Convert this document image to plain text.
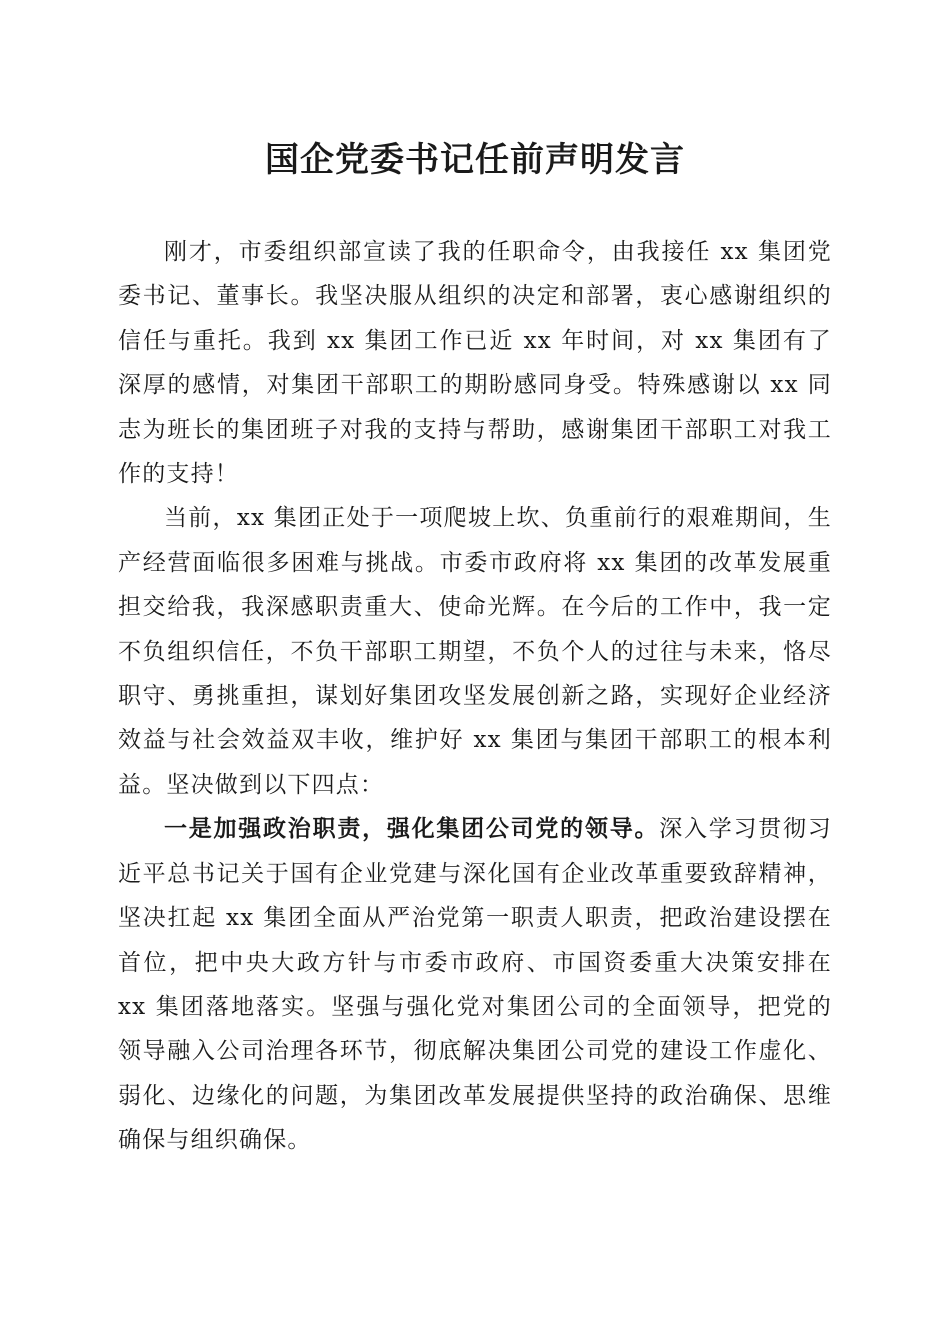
国企党委书记任前声明发言

刚才，市委组织部宣读了我的任职命令，由我接任 xx 集团党委书记、董事长。我坚决服从组织的决定和部署，衷心感谢组织的信任与重托。我到 xx 集团工作已近 xx 年时间，对 xx 集团有了深厚的感情，对集团干部职工的期盼感同身受。特殊感谢以 xx 同志为班长的集团班子对我的支持与帮助，感谢集团干部职工对我工作的支持！

当前，xx 集团正处于一项爬坡上坎、负重前行的艰难期间，生产经营面临很多困难与挑战。市委市政府将 xx 集团的改革发展重担交给我，我深感职责重大、使命光辉。在今后的工作中，我一定不负组织信任，不负干部职工期望，不负个人的过往与未来，恪尽职守、勇挑重担，谋划好集团攻坚发展创新之路，实现好企业经济效益与社会效益双丰收，维护好 xx 集团与集团干部职工的根本利益。坚决做到以下四点：

一是加强政治职责，强化集团公司党的领导。深入学习贯彻习近平总书记关于国有企业党建与深化国有企业改革重要致辞精神，坚决扛起 xx 集团全面从严治党第一职责人职责，把政治建设摆在首位，把中央大政方针与市委市政府、市国资委重大决策安排在 xx 集团落地落实。坚强与强化党对集团公司的全面领导，把党的领导融入公司治理各环节，彻底解决集团公司党的建设工作虚化、弱化、边缘化的问题，为集团改革发展提供坚持的政治确保、思维确保与组织确保。
